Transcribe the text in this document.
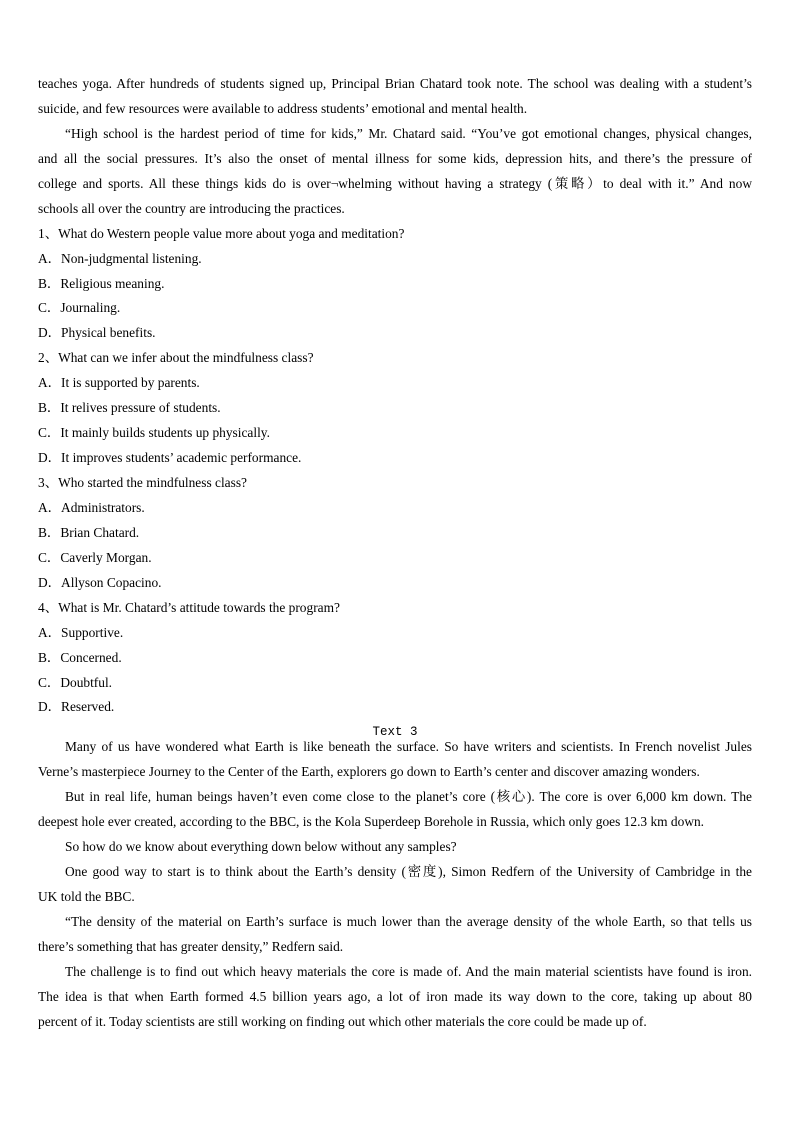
teaches yoga. After hundreds of students signed up, Principal Brian Chatard took note. The school was dealing with a student’s
suicide, and few resources were available to address students’ emotional and mental health.
“High school is the hardest period of time for kids,” Mr. Chatard said. “You’ve got emotional changes, physical changes,
and all the social pressures. It’s also the onset of mental illness for some kids, depression hits, and there’s the pressure of
college and sports. All these things kids do is over¬whelming without having a strategy (策略）to deal with it.” And now
schools all over the country are introducing the practices.
1、What do Western people value more about yoga and meditation?
A．Non-judgmental listening.
B．Religious meaning.
C．Journaling.
D．Physical benefits.
2、What can we infer about the mindfulness class?
A．It is supported by parents.
B．It relives pressure of students.
C．It mainly builds students up physically.
D．It improves students’ academic performance.
3、Who started the mindfulness class?
A．Administrators.
B．Brian Chatard.
C．Caverly Morgan.
D．Allyson Copacino.
4、What is Mr. Chatard’s attitude towards the program?
A．Supportive.
B．Concerned.
C．Doubtful.
D．Reserved.
Text 3
Many of us have wondered what Earth is like beneath the surface. So have writers and scientists. In French novelist Jules
Verne’s masterpiece Journey to the Center of the Earth, explorers go down to Earth’s center and discover amazing wonders.
But in real life, human beings haven’t even come close to the planet’s core (核心). The core is over 6,000 km down. The
deepest hole ever created, according to the BBC, is the Kola Superdeep Borehole in Russia, which only goes 12.3 km down.
So how do we know about everything down below without any samples?
One good way to start is to think about the Earth’s density (密度), Simon Redfern of the University of Cambridge in the
UK told the BBC.
“The density of the material on Earth’s surface is much lower than the average density of the whole Earth, so that tells us
there’s something that has greater density,” Redfern said.
The challenge is to find out which heavy materials the core is made of. And the main material scientists have found is iron.
The idea is that when Earth formed 4.5 billion years ago, a lot of iron made its way down to the core, taking up about 80
percent of it. Today scientists are still working on finding out which other materials the core could be made up of.
